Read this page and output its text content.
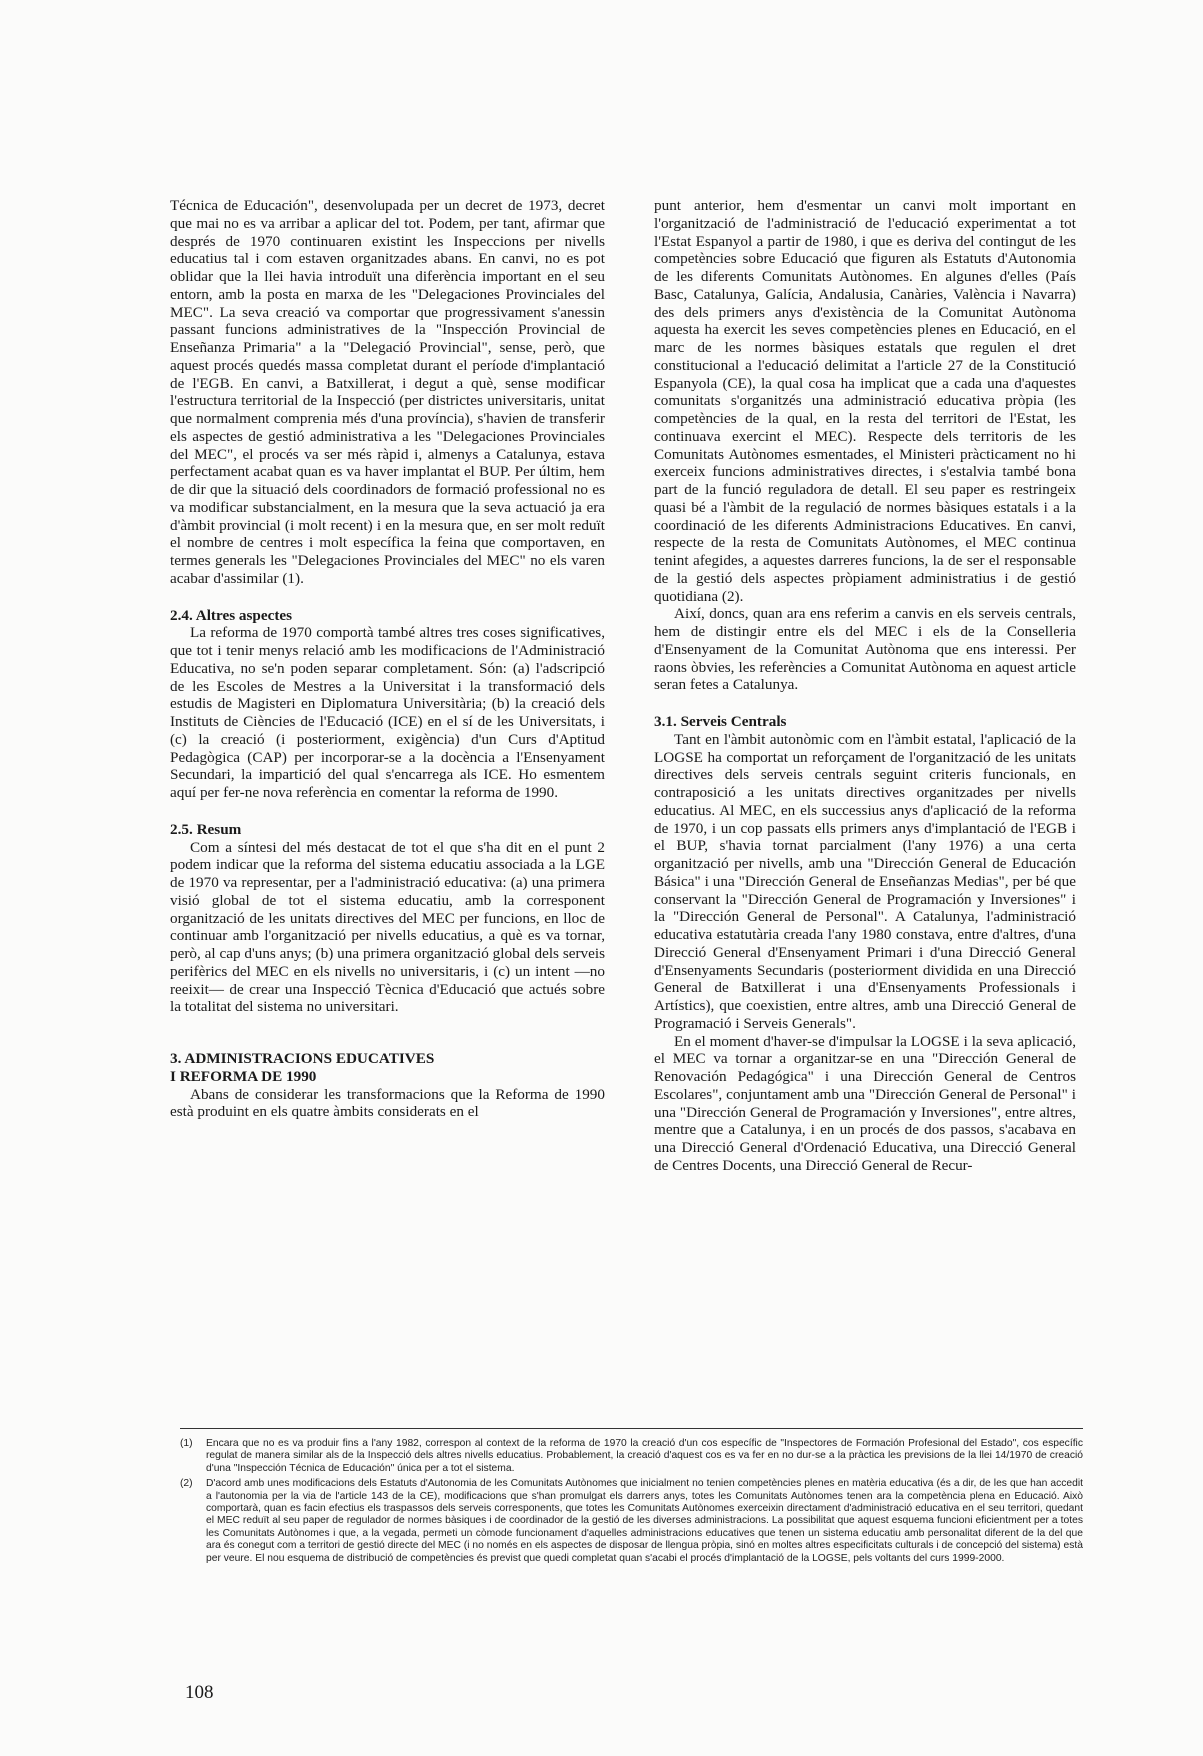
Técnica de Educación", desenvolupada per un decret de 1973, decret que mai no es va arribar a aplicar del tot. Podem, per tant, afirmar que després de 1970 continuaren existint les Inspeccions per nivells educatius tal i com estaven organitzades abans. En canvi, no es pot oblidar que la llei havia introduït una diferència important en el seu entorn, amb la posta en marxa de les "Delegaciones Provinciales del MEC". La seva creació va comportar que progressivament s'anessin passant funcions administratives de la "Inspección Provincial de Enseñanza Primaria" a la "Delegació Provincial", sense, però, que aquest procés quedés massa completat durant el període d'implantació de l'EGB. En canvi, a Batxillerat, i degut a què, sense modificar l'estructura territorial de la Inspecció (per districtes universitaris, unitat que normalment comprenia més d'una província), s'havien de transferir els aspectes de gestió administrativa a les "Delegaciones Provinciales del MEC", el procés va ser més ràpid i, almenys a Catalunya, estava perfectament acabat quan es va haver implantat el BUP. Per últim, hem de dir que la situació dels coordinadors de formació professional no es va modificar substancialment, en la mesura que la seva actuació ja era d'àmbit provincial (i molt recent) i en la mesura que, en ser molt reduït el nombre de centres i molt específica la feina que comportaven, en termes generals les "Delegaciones Provinciales del MEC" no els varen acabar d'assimilar (1).

2.4. Altres aspectes

La reforma de 1970 comportà també altres tres coses significatives, que tot i tenir menys relació amb les modificacions de l'Administració Educativa, no se'n poden separar completament. Són: (a) l'adscripció de les Escoles de Mestres a la Universitat i la transformació dels estudis de Magisteri en Diplomatura Universitària; (b) la creació dels Instituts de Ciències de l'Educació (ICE) en el sí de les Universitats, i (c) la creació (i posteriorment, exigència) d'un Curs d'Aptitud Pedagògica (CAP) per incorporar-se a la docència a l'Ensenyament Secundari, la impartició del qual s'encarrega als ICE. Ho esmentem aquí per fer-ne nova referència en comentar la reforma de 1990.

2.5. Resum

Com a síntesi del més destacat de tot el que s'ha dit en el punt 2 podem indicar que la reforma del sistema educatiu associada a la LGE de 1970 va representar, per a l'administració educativa: (a) una primera visió global de tot el sistema educatiu, amb la corresponent organització de les unitats directives del MEC per funcions, en lloc de continuar amb l'organització per nivells educatius, a què es va tornar, però, al cap d'uns anys; (b) una primera organització global dels serveis perifèrics del MEC en els nivells no universitaris, i (c) un intent —no reeixit— de crear una Inspecció Tècnica d'Educació que actués sobre la totalitat del sistema no universitari.

3. ADMINISTRACIONS EDUCATIVES
I REFORMA DE 1990

Abans de considerar les transformacions que la Reforma de 1990 està produint en els quatre àmbits considerats en el

punt anterior, hem d'esmentar un canvi molt important en l'organització de l'administració de l'educació experimentat a tot l'Estat Espanyol a partir de 1980, i que es deriva del contingut de les competències sobre Educació que figuren als Estatuts d'Autonomia de les diferents Comunitats Autònomes. En algunes d'elles (País Basc, Catalunya, Galícia, Andalusia, Canàries, València i Navarra) des dels primers anys d'existència de la Comunitat Autònoma aquesta ha exercit les seves competències plenes en Educació, en el marc de les normes bàsiques estatals que regulen el dret constitucional a l'educació delimitat a l'article 27 de la Constitució Espanyola (CE), la qual cosa ha implicat que a cada una d'aquestes comunitats s'organitzés una administració educativa pròpia (les competències de la qual, en la resta del territori de l'Estat, les continuava exercint el MEC). Respecte dels territoris de les Comunitats Autònomes esmentades, el Ministeri pràcticament no hi exerceix funcions administratives directes, i s'estalvia també bona part de la funció reguladora de detall. El seu paper es restringeix quasi bé a l'àmbit de la regulació de normes bàsiques estatals i a la coordinació de les diferents Administracions Educatives. En canvi, respecte de la resta de Comunitats Autònomes, el MEC continua tenint afegides, a aquestes darreres funcions, la de ser el responsable de la gestió dels aspectes pròpiament administratius i de gestió quotidiana (2).

Així, doncs, quan ara ens referim a canvis en els serveis centrals, hem de distingir entre els del MEC i els de la Conselleria d'Ensenyament de la Comunitat Autònoma que ens interessi. Per raons òbvies, les referències a Comunitat Autònoma en aquest article seran fetes a Catalunya.

3.1. Serveis Centrals

Tant en l'àmbit autonòmic com en l'àmbit estatal, l'aplicació de la LOGSE ha comportat un reforçament de l'organització de les unitats directives dels serveis centrals seguint criteris funcionals, en contraposició a les unitats directives organitzades per nivells educatius. Al MEC, en els successius anys d'aplicació de la reforma de 1970, i un cop passats ells primers anys d'implantació de l'EGB i el BUP, s'havia tornat parcialment (l'any 1976) a una certa organització per nivells, amb una "Dirección General de Educación Básica" i una "Dirección General de Enseñanzas Medias", per bé que conservant la "Dirección General de Programación y Inversiones" i la "Dirección General de Personal". A Catalunya, l'administració educativa estatutària creada l'any 1980 constava, entre d'altres, d'una Direcció General d'Ensenyament Primari i d'una Direcció General d'Ensenyaments Secundaris (posteriorment dividida en una Direcció General de Batxillerat i una d'Ensenyaments Professionals i Artístics), que coexistien, entre altres, amb una Direcció General de Programació i Serveis Generals".

En el moment d'haver-se d'impulsar la LOGSE i la seva aplicació, el MEC va tornar a organitzar-se en una "Dirección General de Renovación Pedagógica" i una Dirección General de Centros Escolares", conjuntament amb una "Dirección General de Personal" i una "Dirección General de Programación y Inversiones", entre altres, mentre que a Catalunya, i en un procés de dos passos, s'acabava en una Direcció General d'Ordenació Educativa, una Direcció General de Centres Docents, una Direcció General de Recur-

(1)	Encara que no es va produir fins a l'any 1982, correspon al context de la reforma de 1970 la creació d'un cos específic de "Inspectores de Formación Profesional del Estado", cos específic regulat de manera similar als de la Inspecció dels altres nivells educatius. Probablement, la creació d'aquest cos es va fer en no dur-se a la pràctica les previsions de la llei 14/1970 de creació d'una "Inspección Técnica de Educación" única per a tot el sistema.
(2)	D'acord amb unes modificacions dels Estatuts d'Autonomia de les Comunitats Autònomes que inicialment no tenien competències plenes en matèria educativa (és a dir, de les que han accedit a l'autonomia per la via de l'article 143 de la CE), modificacions que s'han promulgat els darrers anys, totes les Comunitats Autònomes tenen ara la competència plena en Educació. Això comportarà, quan es facin efectius els traspassos dels serveis corresponents, que totes les Comunitats Autònomes exerceixin directament d'administració educativa en el seu territori, quedant el MEC reduït al seu paper de regulador de normes bàsiques i de coordinador de la gestió de les diverses administracions. La possibilitat que aquest esquema funcioni eficientment per a totes les Comunitats Autònomes i que, a la vegada, permeti un còmode funcionament d'aquelles administracions educatives que tenen un sistema educatiu amb personalitat diferent de la del que ara és conegut com a territori de gestió directe del MEC (i no només en els aspectes de disposar de llengua pròpia, sinó en moltes altres especificitats culturals i de concepció del sistema) està per veure. El nou esquema de distribució de competències és previst que quedi completat quan s'acabi el procés d'implantació de la LOGSE, pels voltants del curs 1999-2000.
108
